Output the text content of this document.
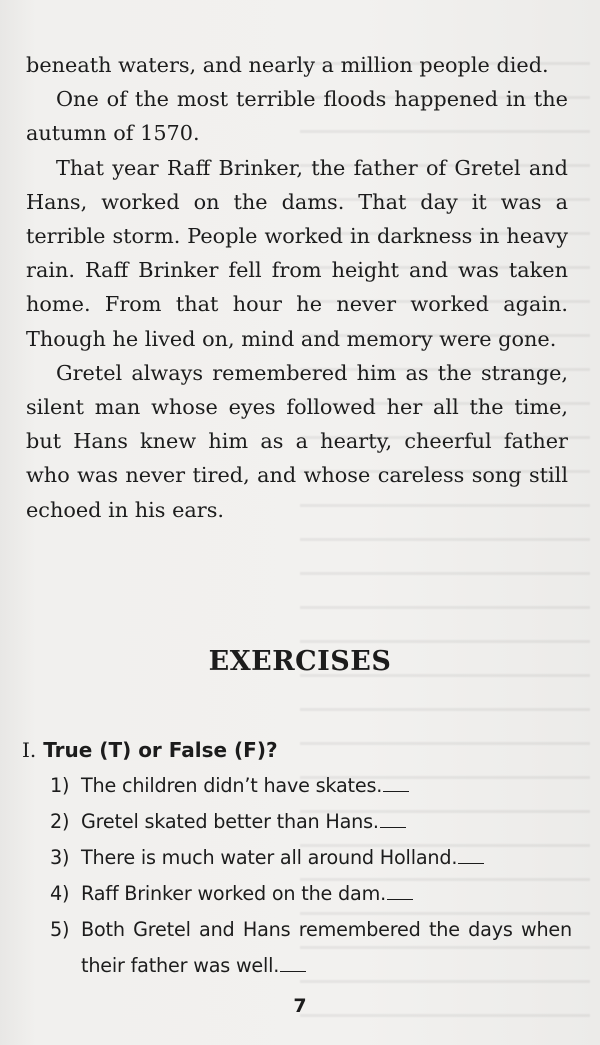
beneath waters, and nearly a million people died.

One of the most terrible floods happened in the autumn of 1570.

That year Raff Brinker, the father of Gretel and Hans, worked on the dams. That day it was a terrible storm. People worked in darkness in heavy rain. Raff Brinker fell from height and was taken home. From that hour he never worked again. Though he lived on, mind and memory were gone.

Gretel always remembered him as the strange, silent man whose eyes followed her all the time, but Hans knew him as a hearty, cheerful father who was never tired, and whose careless song still echoed in his ears.

EXERCISES
I. True (T) or False (F)?
1) The children didn’t have skates.
2) Gretel skated better than Hans.
3) There is much water all around Holland.
4) Raff Brinker worked on the dam.
5) Both Gretel and Hans remembered the days when their father was well.
7
